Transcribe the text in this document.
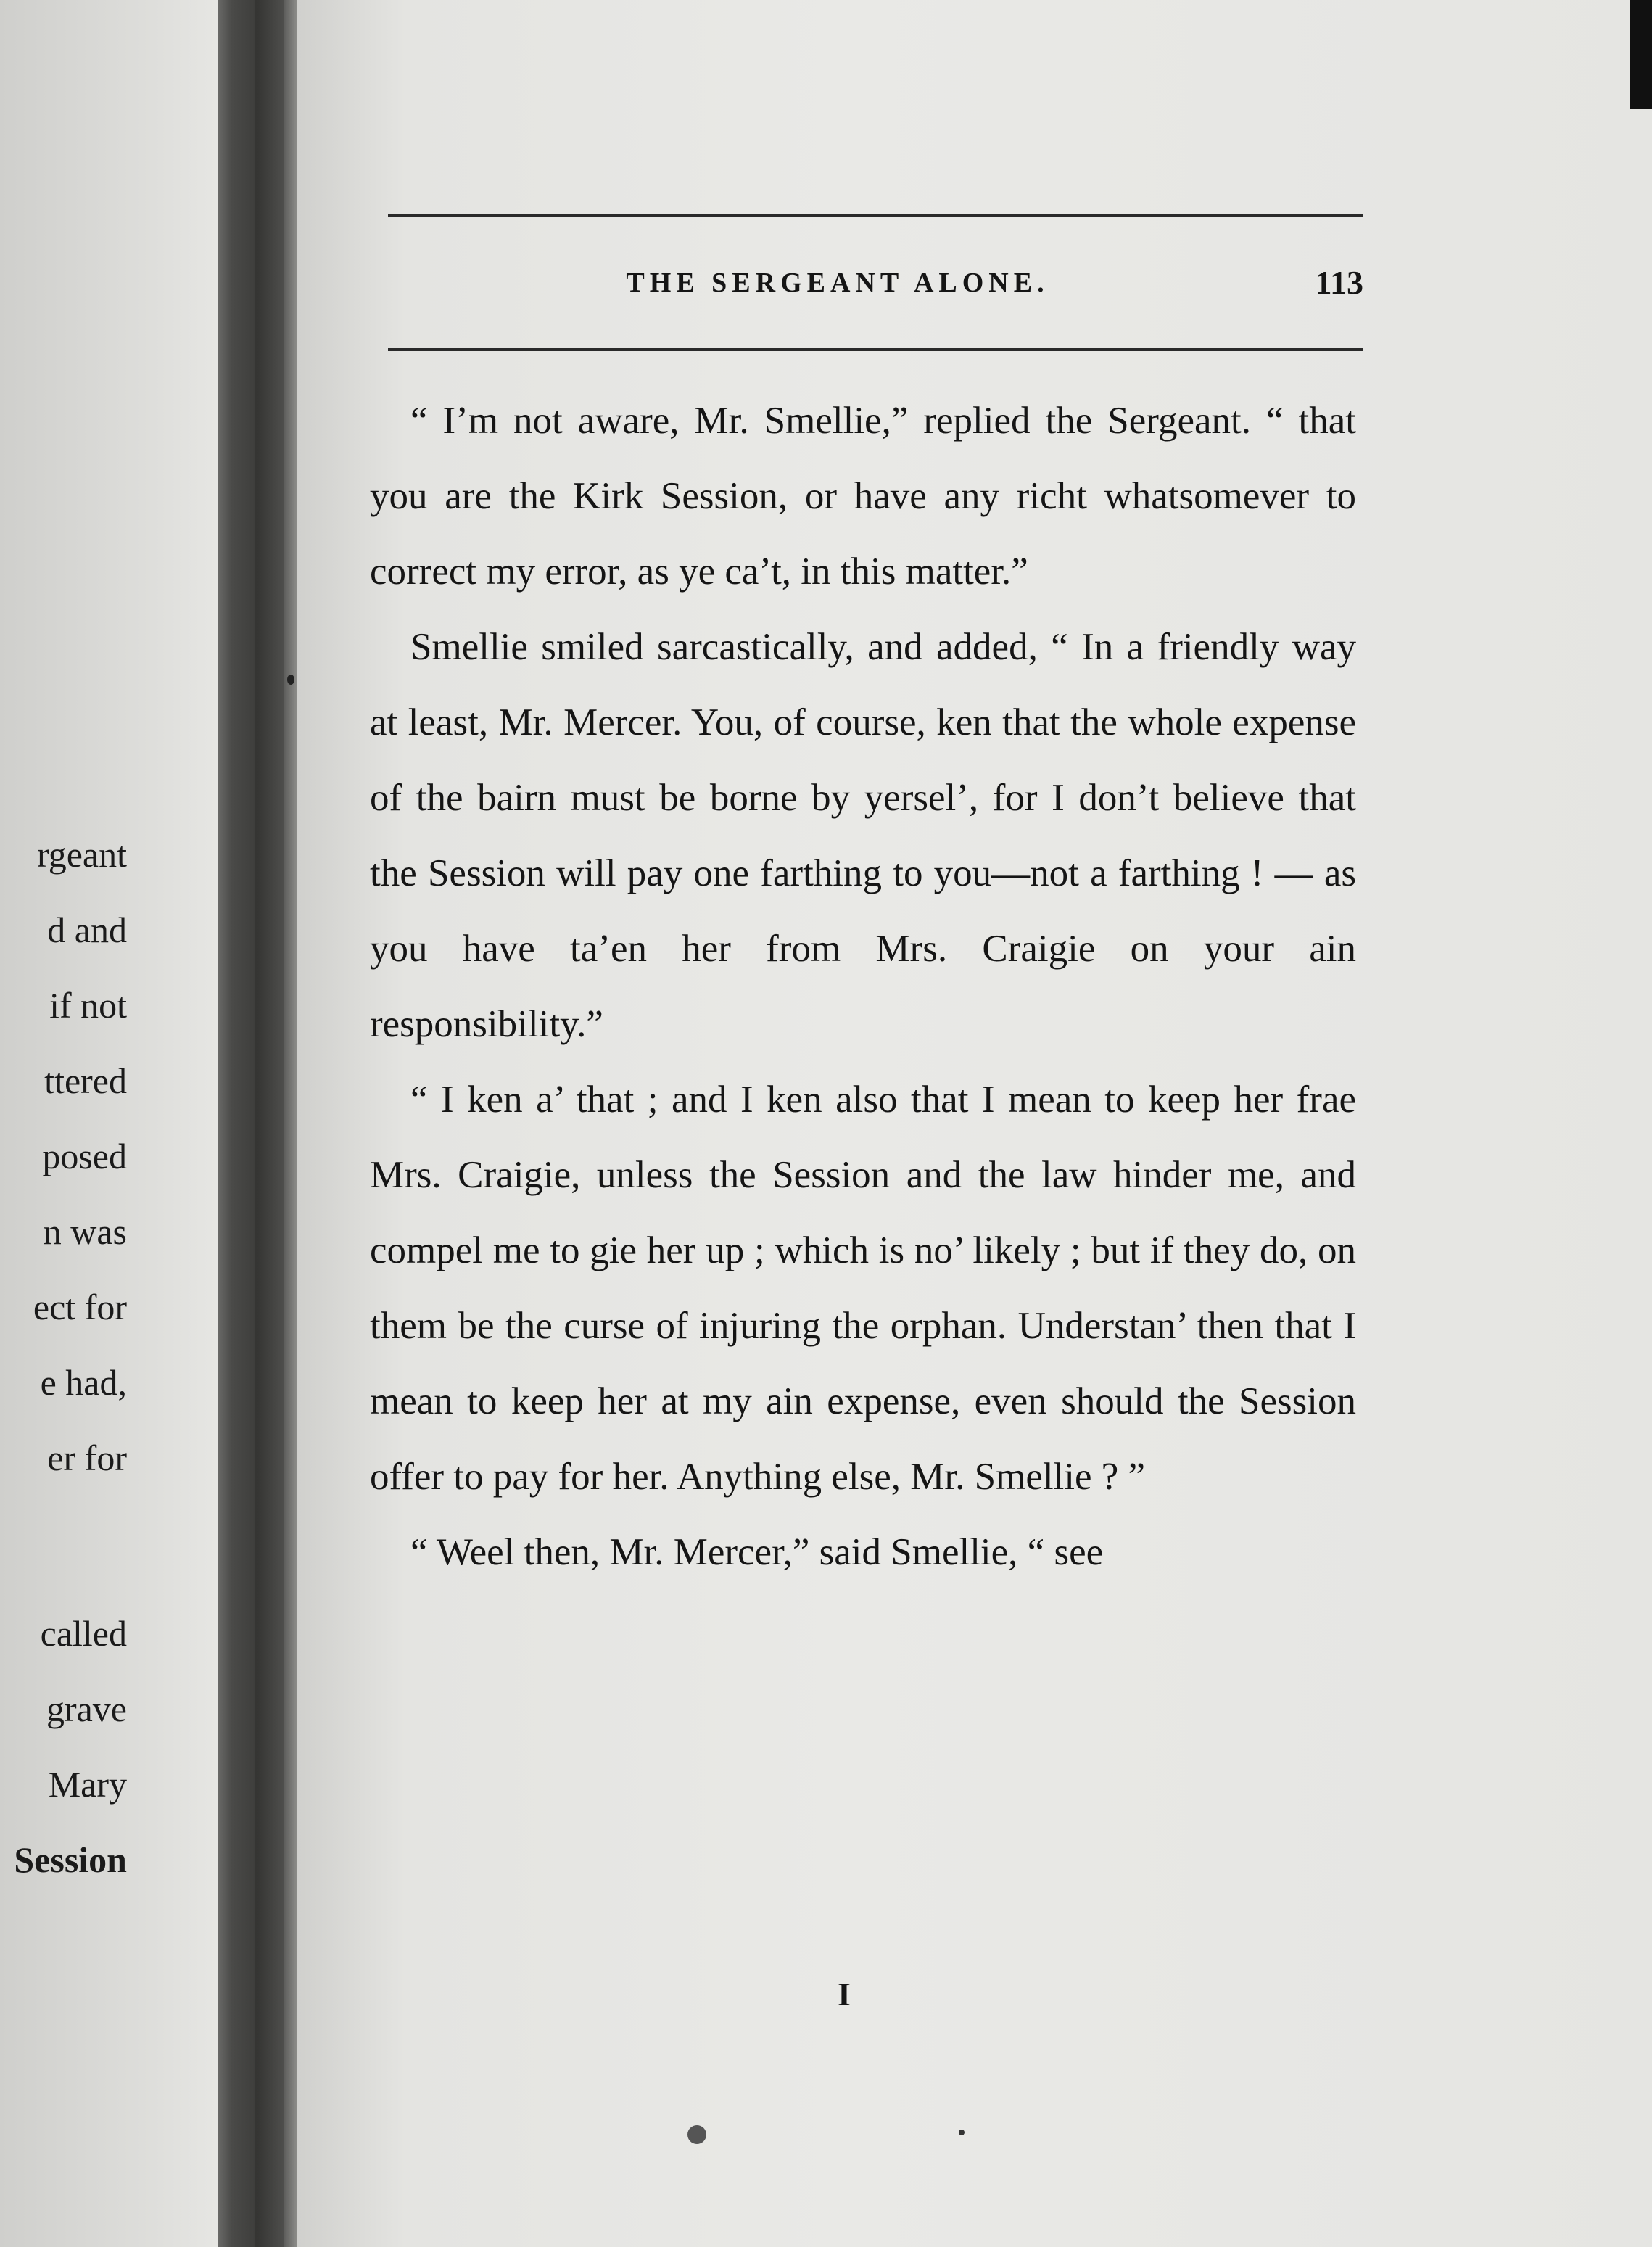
rgeant
d and
if not
ttered
posed
n was
ect for
e had,
er for
called
grave
Mary
Session
THE SERGEANT ALONE.	113

“ I’m not aware, Mr. Smellie,” replied the Sergeant. “ that you are the Kirk Session, or have any richt whatsomever to correct my error, as ye ca’t, in this matter.”

Smellie smiled sarcastically, and added, “ In a friendly way at least, Mr. Mercer. You, of course, ken that the whole expense of the bairn must be borne by yersel’, for I don’t believe that the Session will pay one farthing to you—not a farthing ! — as you have ta’en her from Mrs. Craigie on your ain responsibility.”

“ I ken a’ that ; and I ken also that I mean to keep her frae Mrs. Craigie, unless the Session and the law hinder me, and compel me to gie her up ; which is no’ likely ; but if they do, on them be the curse of injuring the orphan. Understan’ then that I mean to keep her at my ain expense, even should the Session offer to pay for her. Anything else, Mr. Smellie ? ”

“ Weel then, Mr. Mercer,” said Smellie, “ see

I
